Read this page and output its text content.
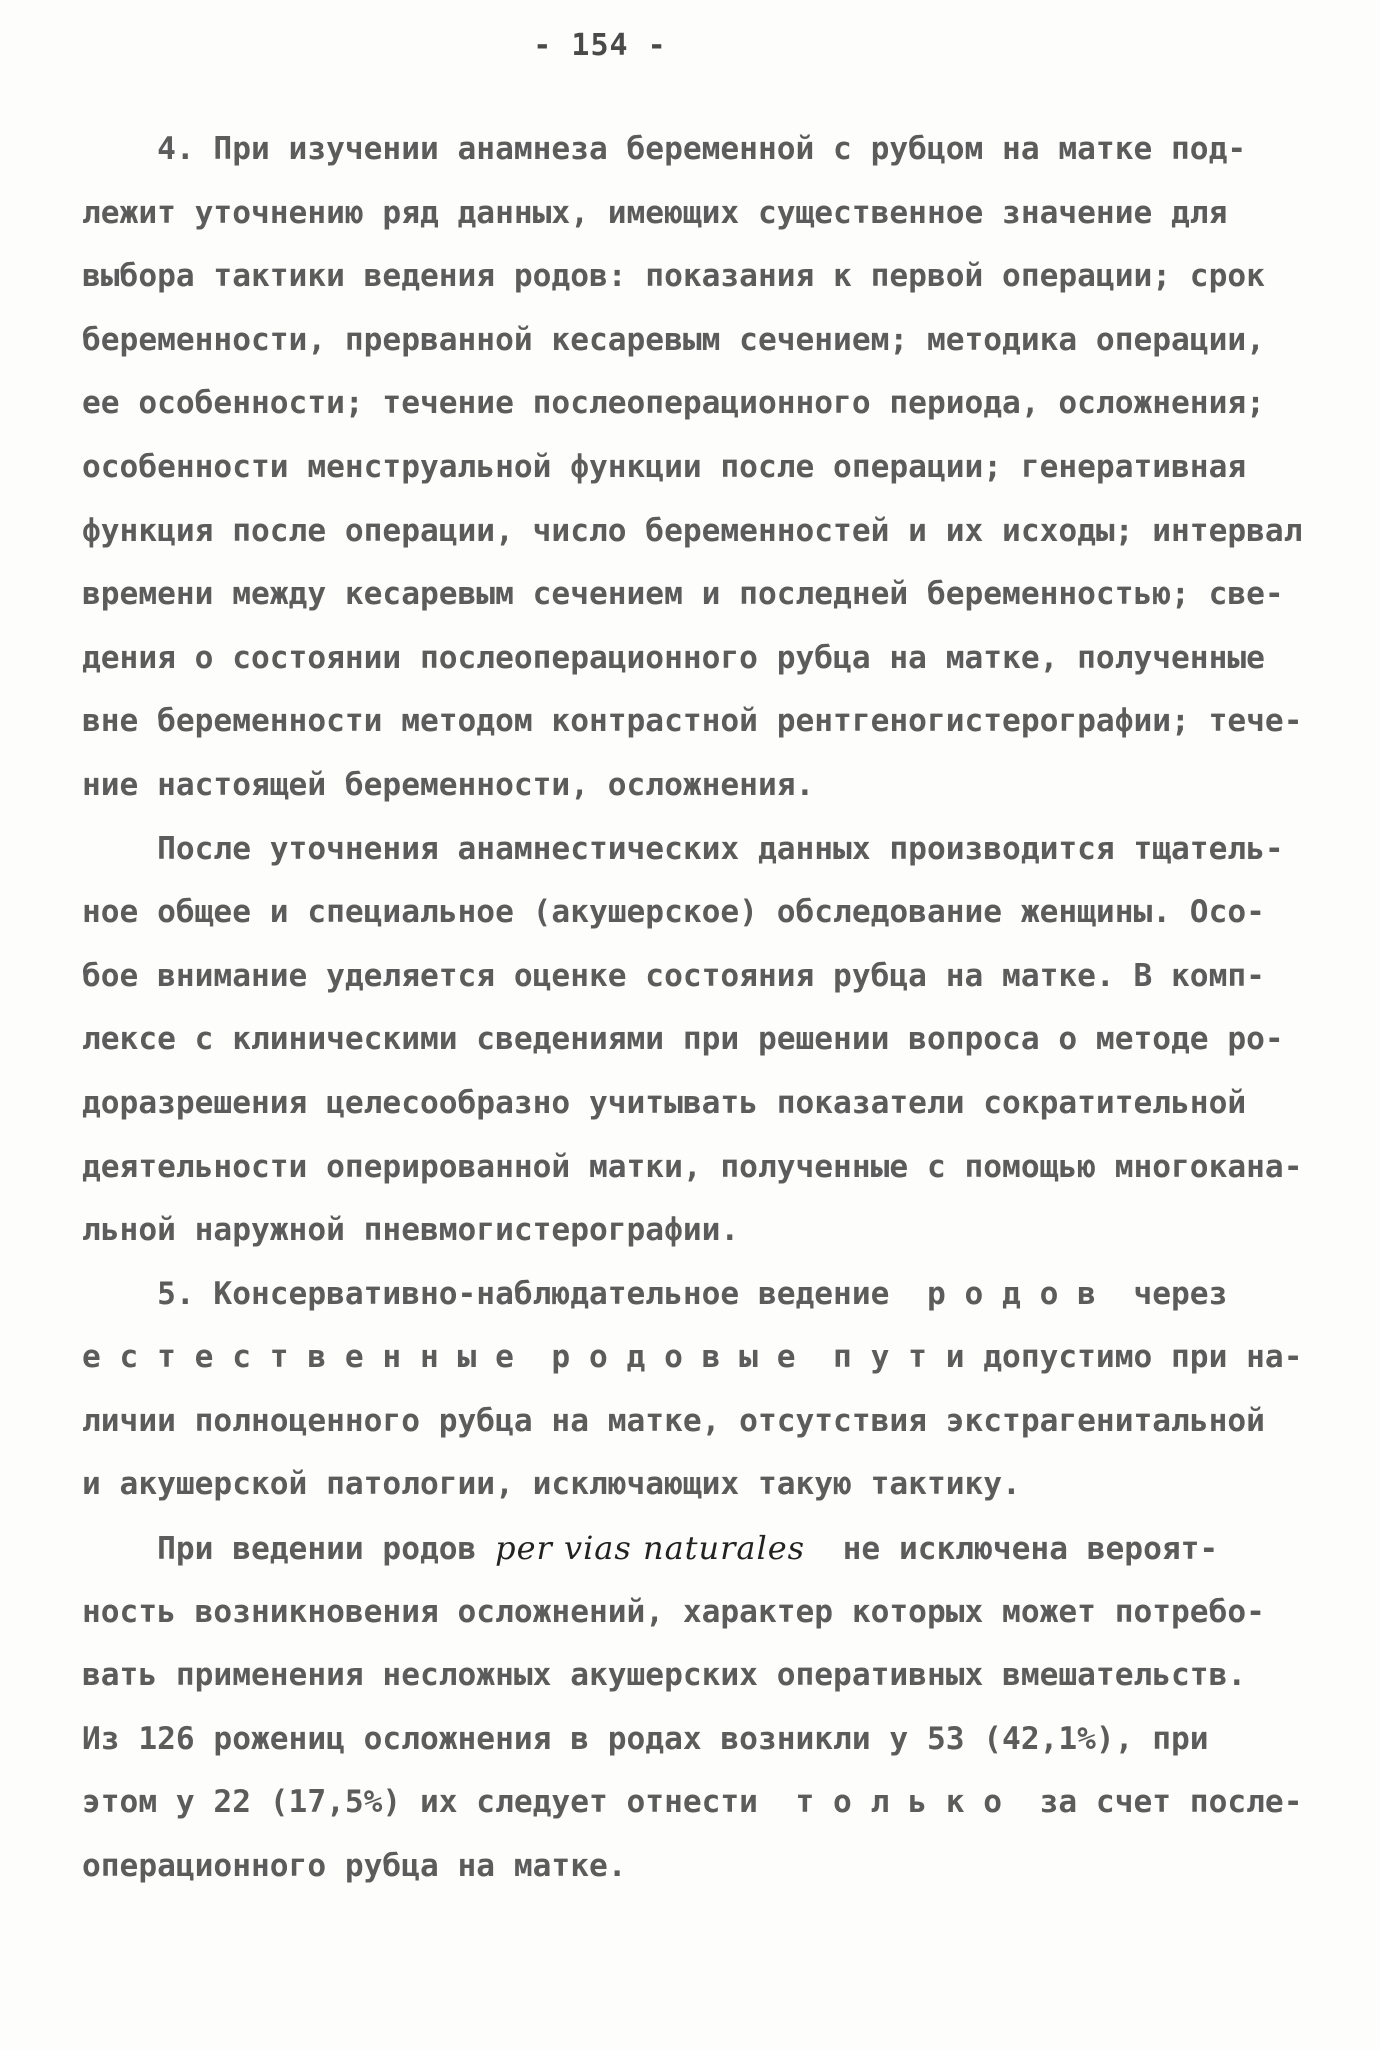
- 154 -
4. При изучении анамнеза беременной с рубцом на матке под-
лежит уточнению ряд данных, имеющих существенное значение для
выбора тактики ведения родов: показания к первой операции; срок
беременности, прерванной кесаревым сечением; методика операции,
ее особенности; течение послеоперационного периода, осложнения;
особенности менструальной функции после операции; генеративная
функция после операции, число беременностей и их исходы; интервал
времени между кесаревым сечением и последней беременностью; све-
дения о состоянии послеоперационного рубца на матке, полученные
вне беременности методом контрастной рентгеногистерографии; тече-
ние настоящей беременности, осложнения.
После уточнения анамнестических данных производится тщатель-
ное общее и специальное (акушерское) обследование женщины. Осо-
бое внимание уделяется оценке состояния рубца на матке. В комп-
лексе с клиническими сведениями при решении вопроса о методе ро-
доразрешения целесообразно учитывать показатели сократительной
деятельности оперированной матки, полученные с помощью многокана-
льной наружной пневмогистерографии.
5. Консервативно-наблюдательное ведение  р о д о в  через
е с т е с т в е н н ы е  р о д о в ы е  п у т и допустимо при на-
личии полноценного рубца на матке, отсутствия экстрагенитальной
и акушерской патологии, исключающих такую тактику.
При ведении родов per vias naturales  не исключена вероят-
ность возникновения осложнений, характер которых может потребо-
вать применения несложных акушерских оперативных вмешательств.
Из 126 рожениц осложнения в родах возникли у 53 (42,1%), при
этом у 22 (17,5%) их следует отнести  т о л ь к о  за счет после-
операционного рубца на матке.
